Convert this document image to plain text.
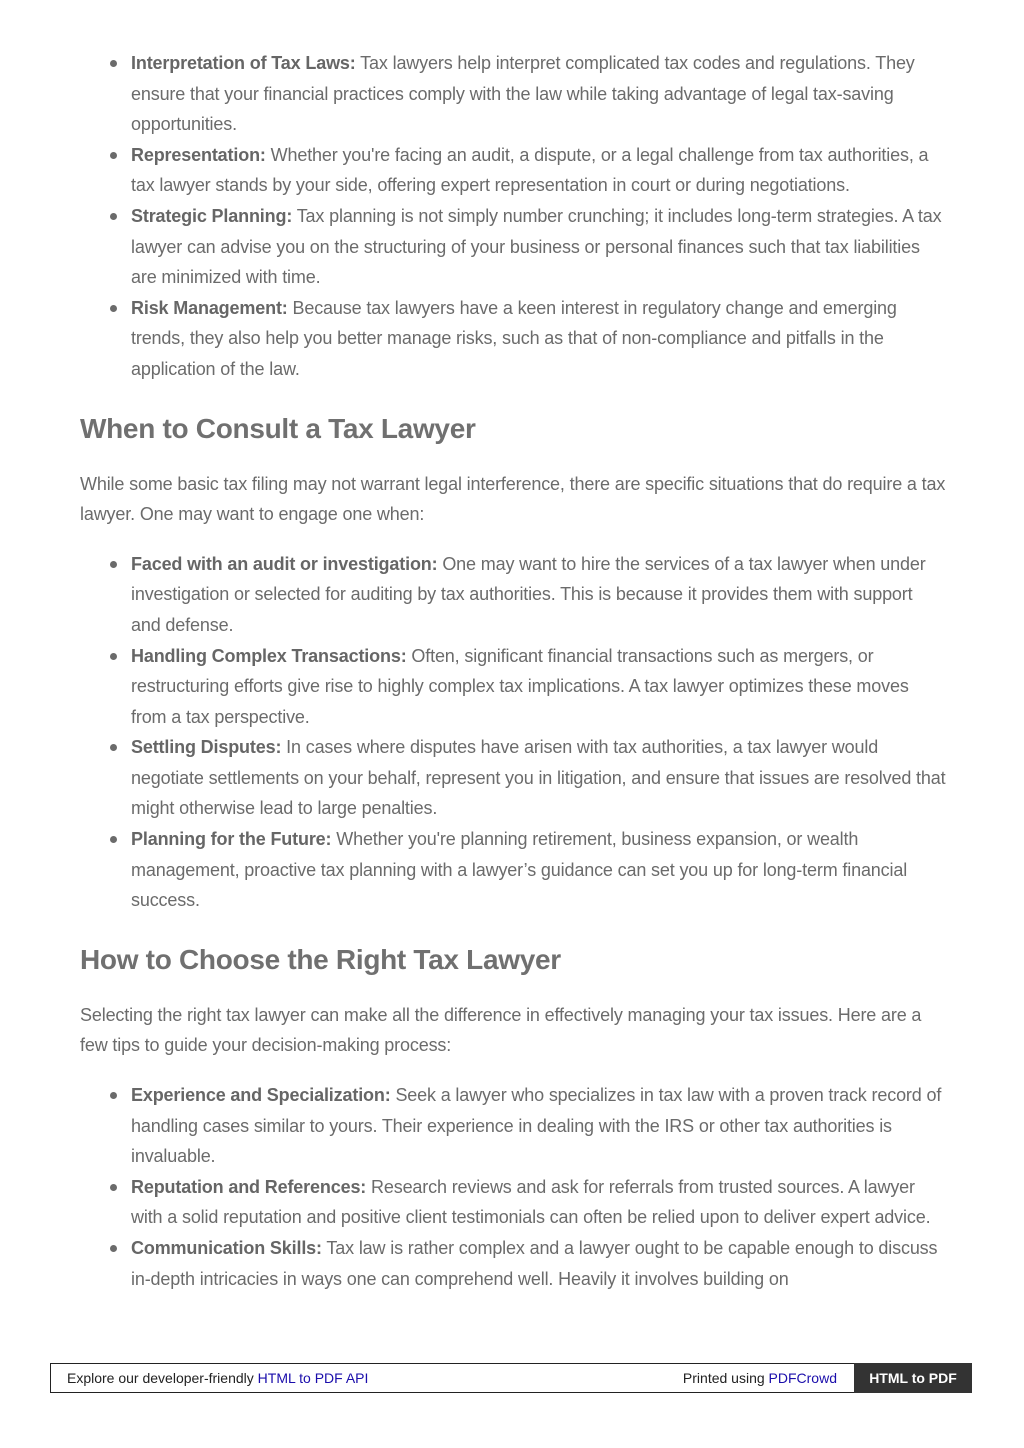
Interpretation of Tax Laws: Tax lawyers help interpret complicated tax codes and regulations. They ensure that your financial practices comply with the law while taking advantage of legal tax-saving opportunities.
Representation: Whether you're facing an audit, a dispute, or a legal challenge from tax authorities, a tax lawyer stands by your side, offering expert representation in court or during negotiations.
Strategic Planning: Tax planning is not simply number crunching; it includes long-term strategies. A tax lawyer can advise you on the structuring of your business or personal finances such that tax liabilities are minimized with time.
Risk Management: Because tax lawyers have a keen interest in regulatory change and emerging trends, they also help you better manage risks, such as that of non-compliance and pitfalls in the application of the law.
When to Consult a Tax Lawyer

While some basic tax filing may not warrant legal interference, there are specific situations that do require a tax lawyer. One may want to engage one when:

Faced with an audit or investigation: One may want to hire the services of a tax lawyer when under investigation or selected for auditing by tax authorities. This is because it provides them with support and defense.
Handling Complex Transactions: Often, significant financial transactions such as mergers, or restructuring efforts give rise to highly complex tax implications. A tax lawyer optimizes these moves from a tax perspective.
Settling Disputes: In cases where disputes have arisen with tax authorities, a tax lawyer would negotiate settlements on your behalf, represent you in litigation, and ensure that issues are resolved that might otherwise lead to large penalties.
Planning for the Future: Whether you're planning retirement, business expansion, or wealth management, proactive tax planning with a lawyer’s guidance can set you up for long-term financial success.
How to Choose the Right Tax Lawyer

Selecting the right tax lawyer can make all the difference in effectively managing your tax issues. Here are a few tips to guide your decision-making process:

Experience and Specialization: Seek a lawyer who specializes in tax law with a proven track record of handling cases similar to yours. Their experience in dealing with the IRS or other tax authorities is invaluable.
Reputation and References: Research reviews and ask for referrals from trusted sources. A lawyer with a solid reputation and positive client testimonials can often be relied upon to deliver expert advice.
Communication Skills: Tax law is rather complex and a lawyer ought to be capable enough to discuss in-depth intricacies in ways one can comprehend well. Heavily it involves building on
Explore our developer-friendly HTML to PDF API	Printed using PDFCrowd	HTML to PDF
